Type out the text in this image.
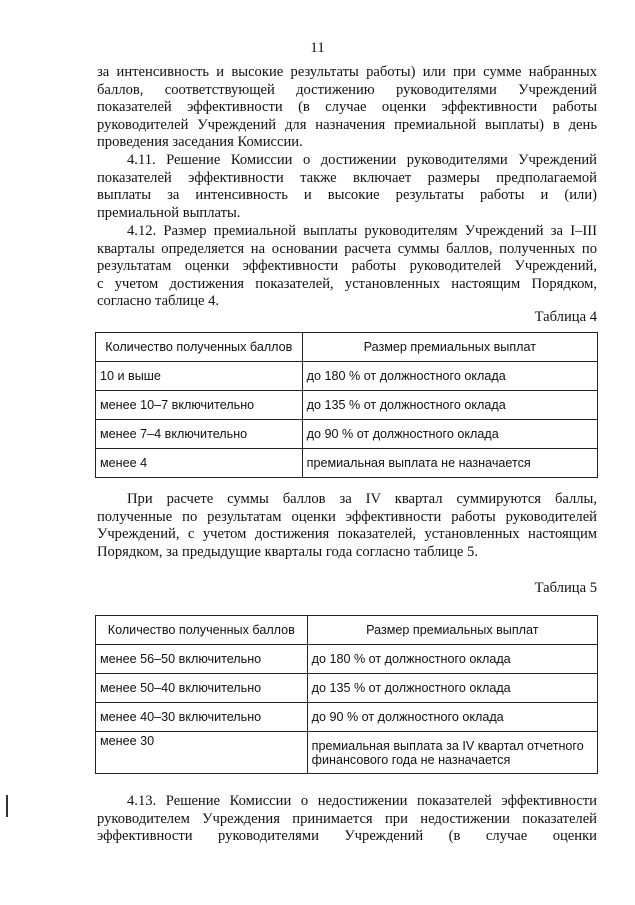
11

за интенсивность и высокие результаты работы) или при сумме набранных

баллов, соответствующей достижению руководителями Учреждений

показателей эффективности (в случае оценки эффективности работы

руководителей Учреждений для назначения премиальной выплаты) в день

проведения заседания Комиссии.

4.11. Решение Комиссии о достижении руководителями Учреждений

показателей эффективности также включает размеры предполагаемой

выплаты за интенсивность и высокие результаты работы и (или)

премиальной выплаты.

4.12. Размер премиальной выплаты руководителям Учреждений за I–III

кварталы определяется на основании расчета суммы баллов, полученных по

результатам оценки эффективности работы руководителей Учреждений,

с учетом достижения показателей, установленных настоящим Порядком,

согласно таблице 4.

Таблица 4
Количество полученных баллов	Размер премиальных выплат
10 и выше	до 180 % от должностного оклада
менее 10–7 включительно	до 135 % от должностного оклада
менее 7–4 включительно	до 90 % от должностного оклада
менее 4	премиальная выплата не назначается

При расчете суммы баллов за IV квартал суммируются баллы,

полученные по результатам оценки эффективности работы руководителей

Учреждений, с учетом достижения показателей, установленных настоящим

Порядком, за предыдущие кварталы года согласно таблице 5.

Таблица 5
Количество полученных баллов	Размер премиальных выплат
менее 56–50 включительно	до 180 % от должностного оклада
менее 50–40 включительно	до 135 % от должностного оклада
менее 40–30 включительно	до 90 % от должностного оклада
менее 30	премиальная выплата за IV квартал отчетного финансового года не назначается

4.13. Решение Комиссии о недостижении показателей эффективности

руководителем Учреждения принимается при недостижении показателей

эффективности руководителями Учреждений (в случае оценки
